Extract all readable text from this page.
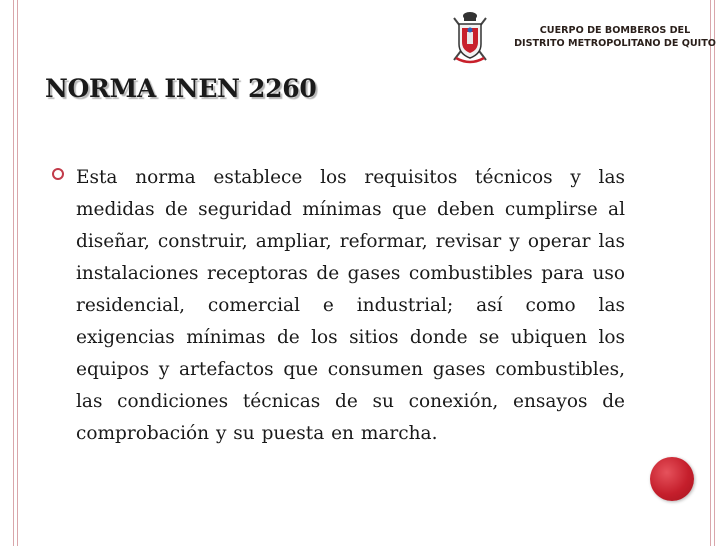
CUERPO DE BOMBEROS DEL
DISTRITO METROPOLITANO DE QUITO
NORMA INEN 2260

Esta norma establece los requisitos técnicos y las medidas de seguridad mínimas que deben cumplirse al diseñar, construir, ampliar, reformar, revisar y operar las instalaciones receptoras de gases combustibles para uso residencial, comercial e industrial; así como las exigencias mínimas de los sitios donde se ubiquen los equipos y artefactos que consumen gases combustibles, las condiciones técnicas de su conexión, ensayos de comprobación y su puesta en marcha.
